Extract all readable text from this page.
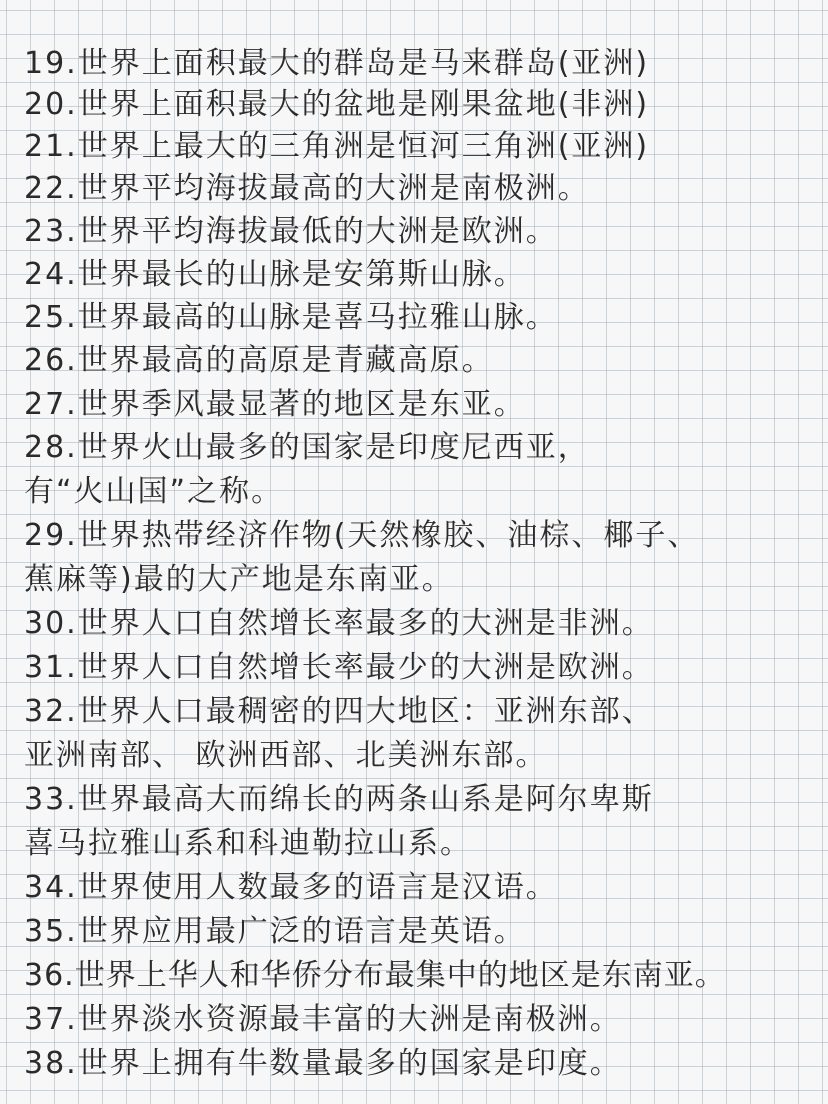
19.世界上面积最大的群岛是马来群岛(亚洲)
20.世界上面积最大的盆地是刚果盆地(非洲)
21.世界上最大的三角洲是恒河三角洲(亚洲)
22.世界平均海拔最高的大洲是南极洲。
23.世界平均海拔最低的大洲是欧洲。
24.世界最长的山脉是安第斯山脉。
25.世界最高的山脉是喜马拉雅山脉。
26.世界最高的高原是青藏高原。
27.世界季风最显著的地区是东亚。
28.世界火山最多的国家是印度尼西亚，
有“火山国”之称。
29.世界热带经济作物(天然橡胶、油棕、椰子、
蕉麻等)最的大产地是东南亚。
30.世界人口自然增长率最多的大洲是非洲。
31.世界人口自然增长率最少的大洲是欧洲。
32.世界人口最稠密的四大地区：亚洲东部、
亚洲南部、 欧洲西部、北美洲东部。
33.世界最高大而绵长的两条山系是阿尔卑斯
喜马拉雅山系和科迪勒拉山系。
34.世界使用人数最多的语言是汉语。
35.世界应用最广泛的语言是英语。
36.世界上华人和华侨分布最集中的地区是东南亚。
37.世界淡水资源最丰富的大洲是南极洲。
38.世界上拥有牛数量最多的国家是印度。
